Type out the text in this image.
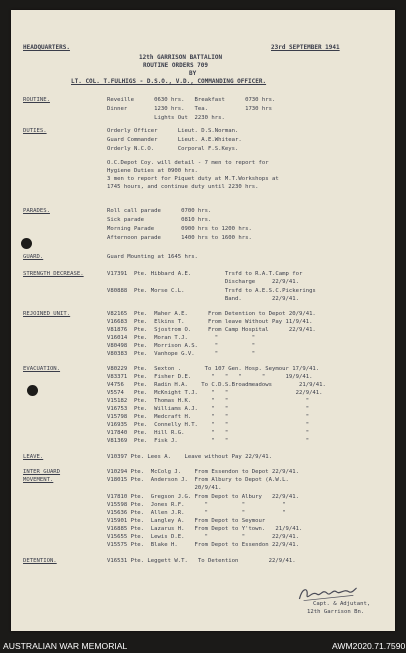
HEADQUARTERS.	23rd SEPTEMBER 1941
12th GARRISON BATTALION
ROUTINE ORDERS 709
BY
LT. COL. T.FULHIGS - D.S.O., V.D., COMMANDING OFFICER.
ROUTINE.	Reveille      0630 hrs.   Breakfast      0730 hrs.
Dinner        1230 hrs.   Tea.           1730 hrs
Lights Out  2230 hrs.
DUTIES.	Orderly Officer      Lieut. D.S.Norman.
Guard Commander      Lieut. A.E.Whitear.
Orderly N.C.O.       Corporal F.S.Keys.
O.C.Depot Coy. will detail - 7 men to report for
Hygiene Duties at 0900 hrs.
3 men to report for Piquet duty at M.T.Workshops at
1745 hours, and continue duty until 2230 hrs.
PARADES.	Roll call parade      0700 hrs.
Sick parade           0810 hrs.
Morning Parade        0900 hrs to 1200 hrs.
Afternoon parade      1400 hrs to 1600 hrs.
GUARD.	Guard Mounting at 1645 hrs.
STRENGTH DECREASE.	V17391  Pte. Hibbard A.E.          Trsfd to R.A.T.Camp for
Discharge     22/9/41.
V80888  Pte. Morse C.L.            Trsfd to A.E.S.C.Pickerings
Band.         22/9/41.
REJOINED UNIT.	V82165  Pte.  Maher A.E.      From Detention to Depot 20/9/41.
V16683  Pte.  Elkins T.       From leave Without Pay 11/9/41.
V81876  Pte.  Sjostrom O.     From Camp Hospital      22/9/41.
V16014  Pte.  Moran T.J.        "          "
V80498  Pte.  Morrison A.S.     "          "
V80383  Pte.  Vanhope G.V.      "          "
EVACUATION.	V80229  Pte.  Sexton .       To 107 Gen. Hosp. Seymour 17/9/41.
V83371  Pte.  Fisher D.E.      "   "   "      "      19/9/41.
V4756   Pte.  Radin H.A.    To C.D.S.Broadmeadows        21/9/41.
V5574   Pte.  McKnight T.J.    "   "                    22/9/41.
V15182  Pte.  Thomas H.K.      "   "                       "
V16753  Pte.  Williams A.J.    "   "                       "
V15798  Pte.  Medcraft H.      "   "                       "
V16935  Pte.  Connelly H.T.    "   "                       "
V17840  Pte.  Hill R.G.        "   "                       "
V81369  Pte.  Fisk J.          "   "                       "
LEAVE.	V10397 Pte. Lees A.    Leave without Pay 22/9/41.
INTER GUARD
MOVEMENT.
V10294 Pte.  McColg J.    From Essendon to Depot 22/9/41.
V18015 Pte.  Anderson J.  From Albury to Depot (A.W.L.
20/9/41.
V17810 Pte.  Gregson J.G. From Depot to Albury   22/9/41.
V15598 Pte.  Jones R.F.      "          "           "
V15636 Pte.  Allen J.R.      "          "           "
V15901 Pte.  Langley A.   From Depot to Seymour
V16885 Pte.  Lazarus H.   From Depot to Y'town.   21/9/41.
V15655 Pte.  Lewis D.E.      "          "        22/9/41.
V15575 Pte.  Blake H.     From Depot to Essendon 22/9/41.
DETENTION.	V16531 Pte. Leggett W.T.   To Detention         22/9/41.
Capt. & Adjutant,
12th Garrison Bn.
AUSTRALIAN WAR MEMORIAL	AWM2020.71.7590
